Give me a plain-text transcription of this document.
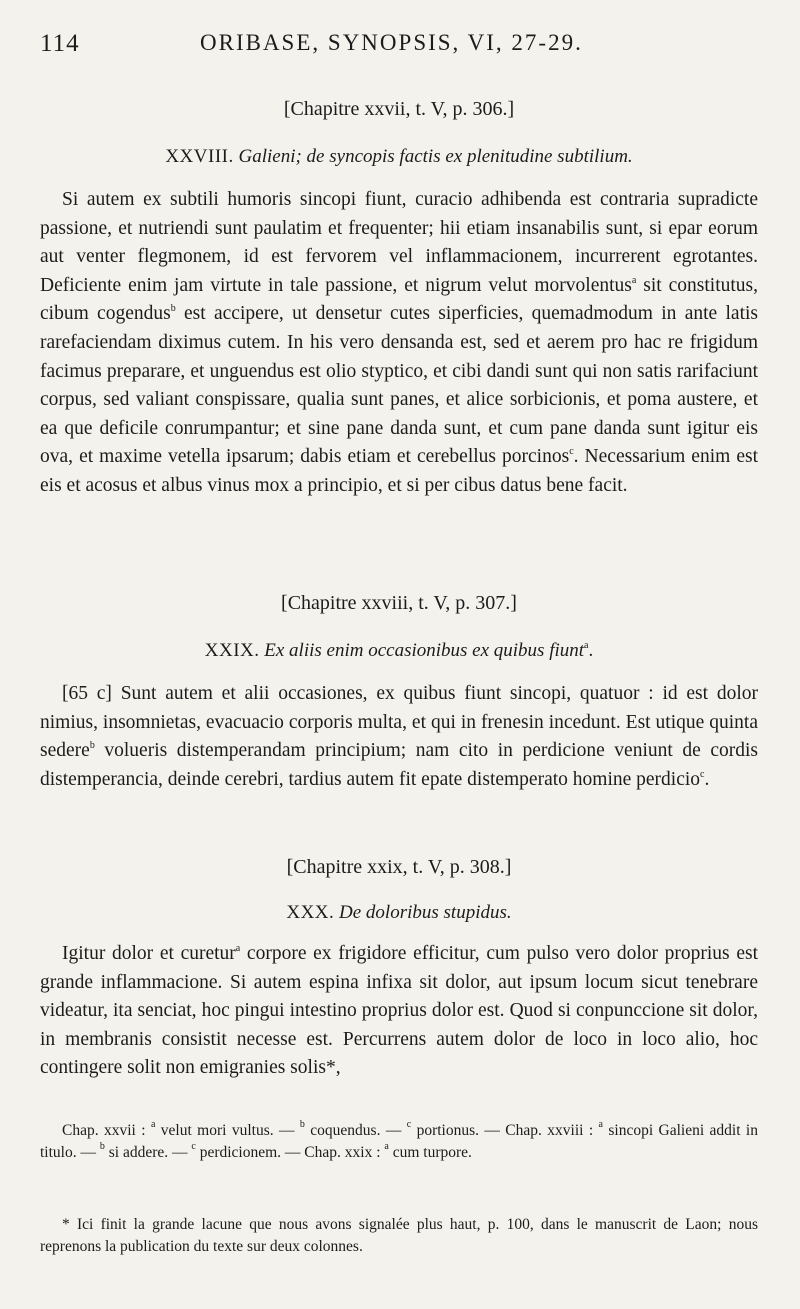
114	ORIBASE, SYNOPSIS, VI, 27-29.

[Chapitre xxvii, t. V, p. 306.]

XXVIII. Galieni; de syncopis factis ex plenitudine subtilium.

Si autem ex subtili humoris sincopi fiunt, curacio adhibenda est contraria supradicte passione, et nutriendi sunt paulatim et frequenter; hii etiam insanabilis sunt, si epar eorum aut venter flegmonem, id est fervorem vel inflammacionem, incurrerent egrotantes. Deficiente enim jam virtute in tale passione, et nigrum velut morvolentus$^a$ sit constitutus, cibum cogendus$^b$ est accipere, ut densetur cutes siperficies, quemadmodum in ante latis rarefaciendam diximus cutem. In his vero densanda est, sed et aerem pro hac re frigidum facimus preparare, et unguendus est olio styptico, et cibi dandi sunt qui non satis rarifaciunt corpus, sed valiant conspissare, qualia sunt panes, et alice sorbicionis, et poma austere, et ea que deficile conrumpantur; et sine pane danda sunt, et cum pane danda sunt igitur eis ova, et maxime vetella ipsarum; dabis etiam et cerebellus porcinos$^c$. Necessarium enim est eis et acosus et albus vinus mox a principio, et si per cibus datus bene facit.

[Chapitre xxviii, t. V, p. 307.]

XXIX. Ex aliis enim occasionibus ex quibus fiunt$^a$.

[65 c] Sunt autem et alii occasiones, ex quibus fiunt sincopi, quatuor : id est dolor nimius, insomnietas, evacuacio corporis multa, et qui in frenesin incedunt. Est utique quinta sedere$^b$ volueris distemperandam principium; nam cito in perdicione veniunt de cordis distemperancia, deinde cerebri, tardius autem fit epate distemperato homine perdicio$^c$.

[Chapitre xxix, t. V, p. 308.]

XXX. De doloribus stupidus.

Igitur dolor et curetur$^a$ corpore ex frigidore efficitur, cum pulso vero dolor proprius est grande inflammacione. Si autem espina infixa sit dolor, aut ipsum locum sicut tenebrare videatur, ita senciat, hoc pingui intestino proprius dolor est. Quod si conpunccione sit dolor, in membranis consistit necesse est. Percurrens autem dolor de loco in loco alio, hoc contingere solit non emigranies solis*,

Chap. xxvii : $^a$ velut mori vultus. — $^b$ coquendus. — $^c$ portionus. — Chap. xxviii : $^a$ sincopi Galieni addit in titulo. — $^b$ si addere. — $^c$ perdicionem. — Chap. xxix : $^a$ cum turpore.

* Ici finit la grande lacune que nous avons signalée plus haut, p. 100, dans le manuscrit de Laon; nous reprenons la publication du texte sur deux colonnes.
